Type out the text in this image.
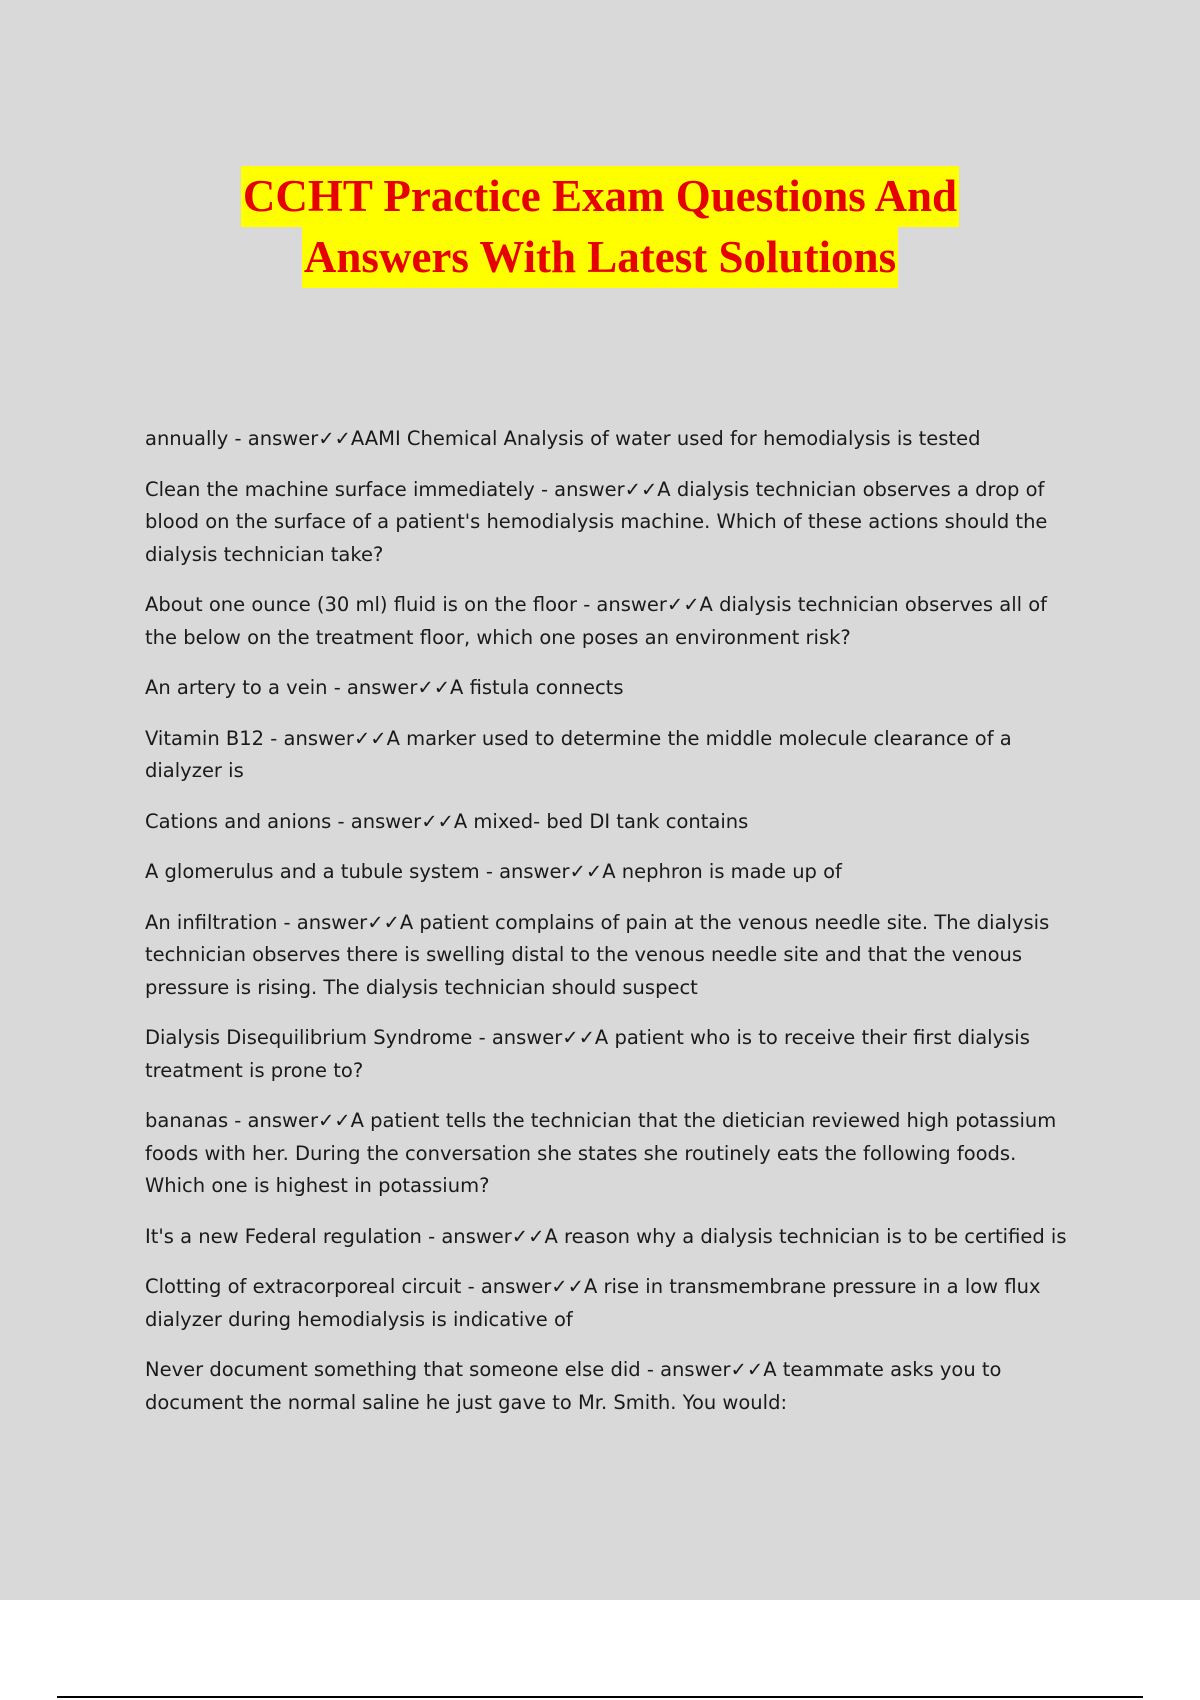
CCHT Practice Exam Questions And
Answers With Latest Solutions
annually - answer✓✓AAMI Chemical Analysis of water used for hemodialysis is tested
Clean the machine surface immediately - answer✓✓A dialysis technician observes a drop of blood on the surface of a patient's hemodialysis machine. Which of these actions should the dialysis technician take?
About one ounce (30 ml) fluid is on the floor - answer✓✓A dialysis technician observes all of the below on the treatment floor, which one poses an environment risk?
An artery to a vein - answer✓✓A fistula connects
Vitamin B12 - answer✓✓A marker used to determine the middle molecule clearance of a dialyzer is
Cations and anions - answer✓✓A mixed- bed DI tank contains
A glomerulus and a tubule system - answer✓✓A nephron is made up of
An infiltration - answer✓✓A patient complains of pain at the venous needle site. The dialysis technician observes there is swelling distal to the venous needle site and that the venous pressure is rising. The dialysis technician should suspect
Dialysis Disequilibrium Syndrome - answer✓✓A patient who is to receive their first dialysis treatment is prone to?
bananas - answer✓✓A patient tells the technician that the dietician reviewed high potassium foods with her. During the conversation she states she routinely eats the following foods. Which one is highest in potassium?
It's a new Federal regulation - answer✓✓A reason why a dialysis technician is to be certified is
Clotting of extracorporeal circuit - answer✓✓A rise in transmembrane pressure in a low flux dialyzer during hemodialysis is indicative of
Never document something that someone else did - answer✓✓A teammate asks you to document the normal saline he just gave to Mr. Smith. You would:
